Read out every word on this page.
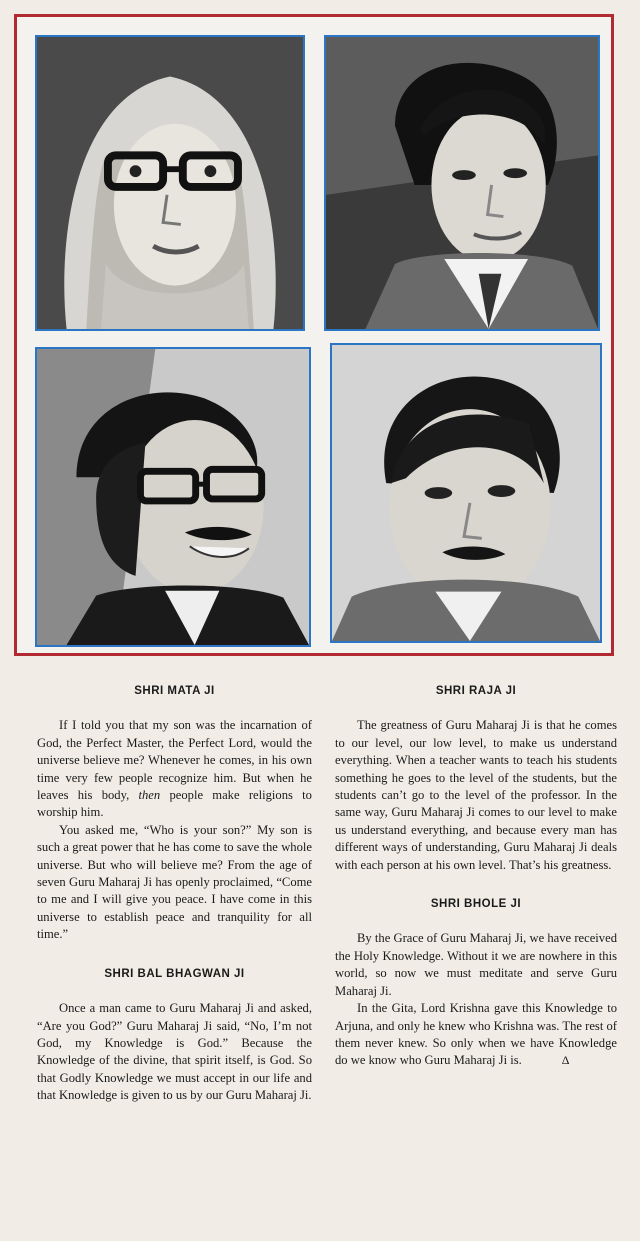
SHRI MATA JI

If I told you that my son was the incarnation of God, the Perfect Master, the Perfect Lord, would the universe believe me? Whenever he comes, in his own time very few people recognize him. But when he leaves his body, then people make religions to worship him.

You asked me, “Who is your son?” My son is such a great power that he has come to save the whole universe. But who will believe me? From the age of seven Guru Maharaj Ji has openly proclaimed, “Come to me and I will give you peace. I have come in this universe to establish peace and tranquility for all time.”

SHRI BAL BHAGWAN JI

Once a man came to Guru Maharaj Ji and asked, “Are you God?” Guru Maharaj Ji said, “No, I’m not God, my Knowledge is God.” Because the Knowledge of the divine, that spirit itself, is God. So that Godly Knowledge we must accept in our life and that Knowledge is given to us by our Guru Maharaj Ji.

SHRI RAJA JI

The greatness of Guru Maharaj Ji is that he comes to our level, our low level, to make us understand everything. When a teacher wants to teach his students something he goes to the level of the students, but the students can’t go to the level of the professor. In the same way, Guru Maharaj Ji comes to our level to make us understand everything, and because every man has different ways of understanding, Guru Maharaj Ji deals with each person at his own level. That’s his greatness.

SHRI BHOLE JI

By the Grace of Guru Maharaj Ji, we have received the Holy Knowledge. Without it we are nowhere in this world, so now we must meditate and serve Guru Maharaj Ji.

In the Gita, Lord Krishna gave this Knowledge to Arjuna, and only he knew who Krishna was. The rest of them never knew. So only when we have Knowledge do we know who Guru Maharaj Ji is.	Δ
